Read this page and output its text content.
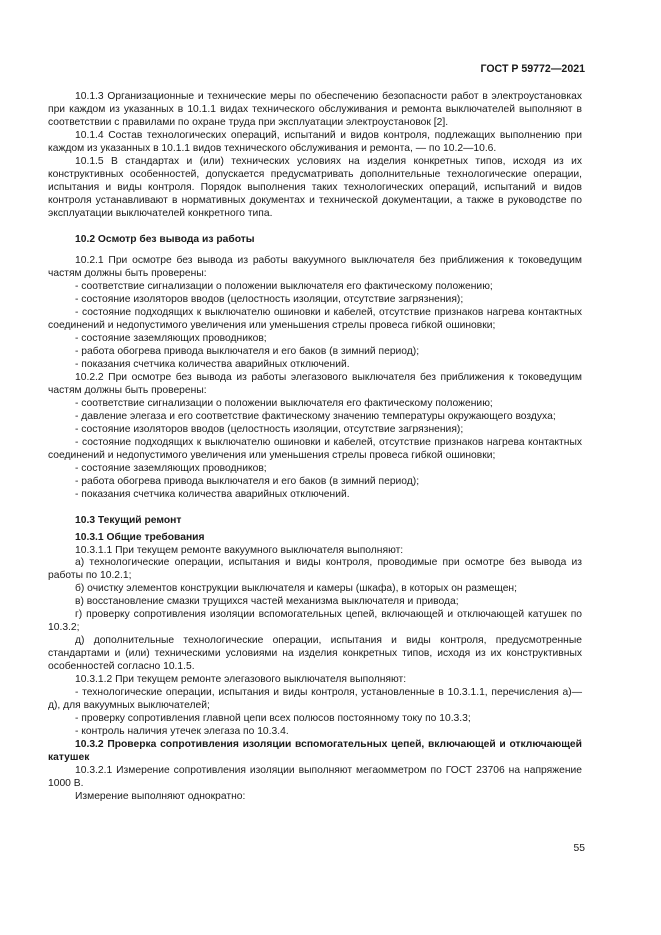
ГОСТ Р 59772—2021

10.1.3 Организационные и технические меры по обеспечению безопасности работ в электроустановках при каждом из указанных в 10.1.1 видах технического обслуживания и ремонта выключателей выполняют в соответствии с правилами по охране труда при эксплуатации электроустановок [2].

10.1.4 Состав технологических операций, испытаний и видов контроля, подлежащих выполнению при каждом из указанных в 10.1.1 видов технического обслуживания и ремонта, — по 10.2—10.6.

10.1.5 В стандартах и (или) технических условиях на изделия конкретных типов, исходя из их конструктивных особенностей, допускается предусматривать дополнительные технологические операции, испытания и виды контроля. Порядок выполнения таких технологических операций, испытаний и видов контроля устанавливают в нормативных документах и технической документации, а также в руководстве по эксплуатации выключателей конкретного типа.

10.2 Осмотр без вывода из работы

10.2.1 При осмотре без вывода из работы вакуумного выключателя без приближения к токоведущим частям должны быть проверены:

- соответствие сигнализации о положении выключателя его фактическому положению;

- состояние изоляторов вводов (целостность изоляции, отсутствие загрязнения);

- состояние подходящих к выключателю ошиновки и кабелей, отсутствие признаков нагрева контактных соединений и недопустимого увеличения или уменьшения стрелы провеса гибкой ошиновки;

- состояние заземляющих проводников;

- работа обогрева привода выключателя и его баков (в зимний период);

- показания счетчика количества аварийных отключений.

10.2.2 При осмотре без вывода из работы элегазового выключателя без приближения к токоведущим частям должны быть проверены:

- соответствие сигнализации о положении выключателя его фактическому положению;

- давление элегаза и его соответствие фактическому значению температуры окружающего воздуха;

- состояние изоляторов вводов (целостность изоляции, отсутствие загрязнения);

- состояние подходящих к выключателю ошиновки и кабелей, отсутствие признаков нагрева контактных соединений и недопустимого увеличения или уменьшения стрелы провеса гибкой ошиновки;

- состояние заземляющих проводников;

- работа обогрева привода выключателя и его баков (в зимний период);

- показания счетчика количества аварийных отключений.

10.3 Текущий ремонт

10.3.1 Общие требования

10.3.1.1 При текущем ремонте вакуумного выключателя выполняют:

а) технологические операции, испытания и виды контроля, проводимые при осмотре без вывода из работы по 10.2.1;

б) очистку элементов конструкции выключателя и камеры (шкафа), в которых он размещен;

в) восстановление смазки трущихся частей механизма выключателя и привода;

г) проверку сопротивления изоляции вспомогательных цепей, включающей и отключающей катушек по 10.3.2;

д) дополнительные технологические операции, испытания и виды контроля, предусмотренные стандартами и (или) техническими условиями на изделия конкретных типов, исходя из их конструктивных особенностей согласно 10.1.5.

10.3.1.2 При текущем ремонте элегазового выключателя выполняют:

- технологические операции, испытания и виды контроля, установленные в 10.3.1.1, перечисления а)—д), для вакуумных выключателей;

- проверку сопротивления главной цепи всех полюсов постоянному току по 10.3.3;

- контроль наличия утечек элегаза по 10.3.4.

10.3.2 Проверка сопротивления изоляции вспомогательных цепей, включающей и отключающей катушек

10.3.2.1 Измерение сопротивления изоляции выполняют мегаомметром по ГОСТ 23706 на напряжение 1000 В.

Измерение выполняют однократно:

55
